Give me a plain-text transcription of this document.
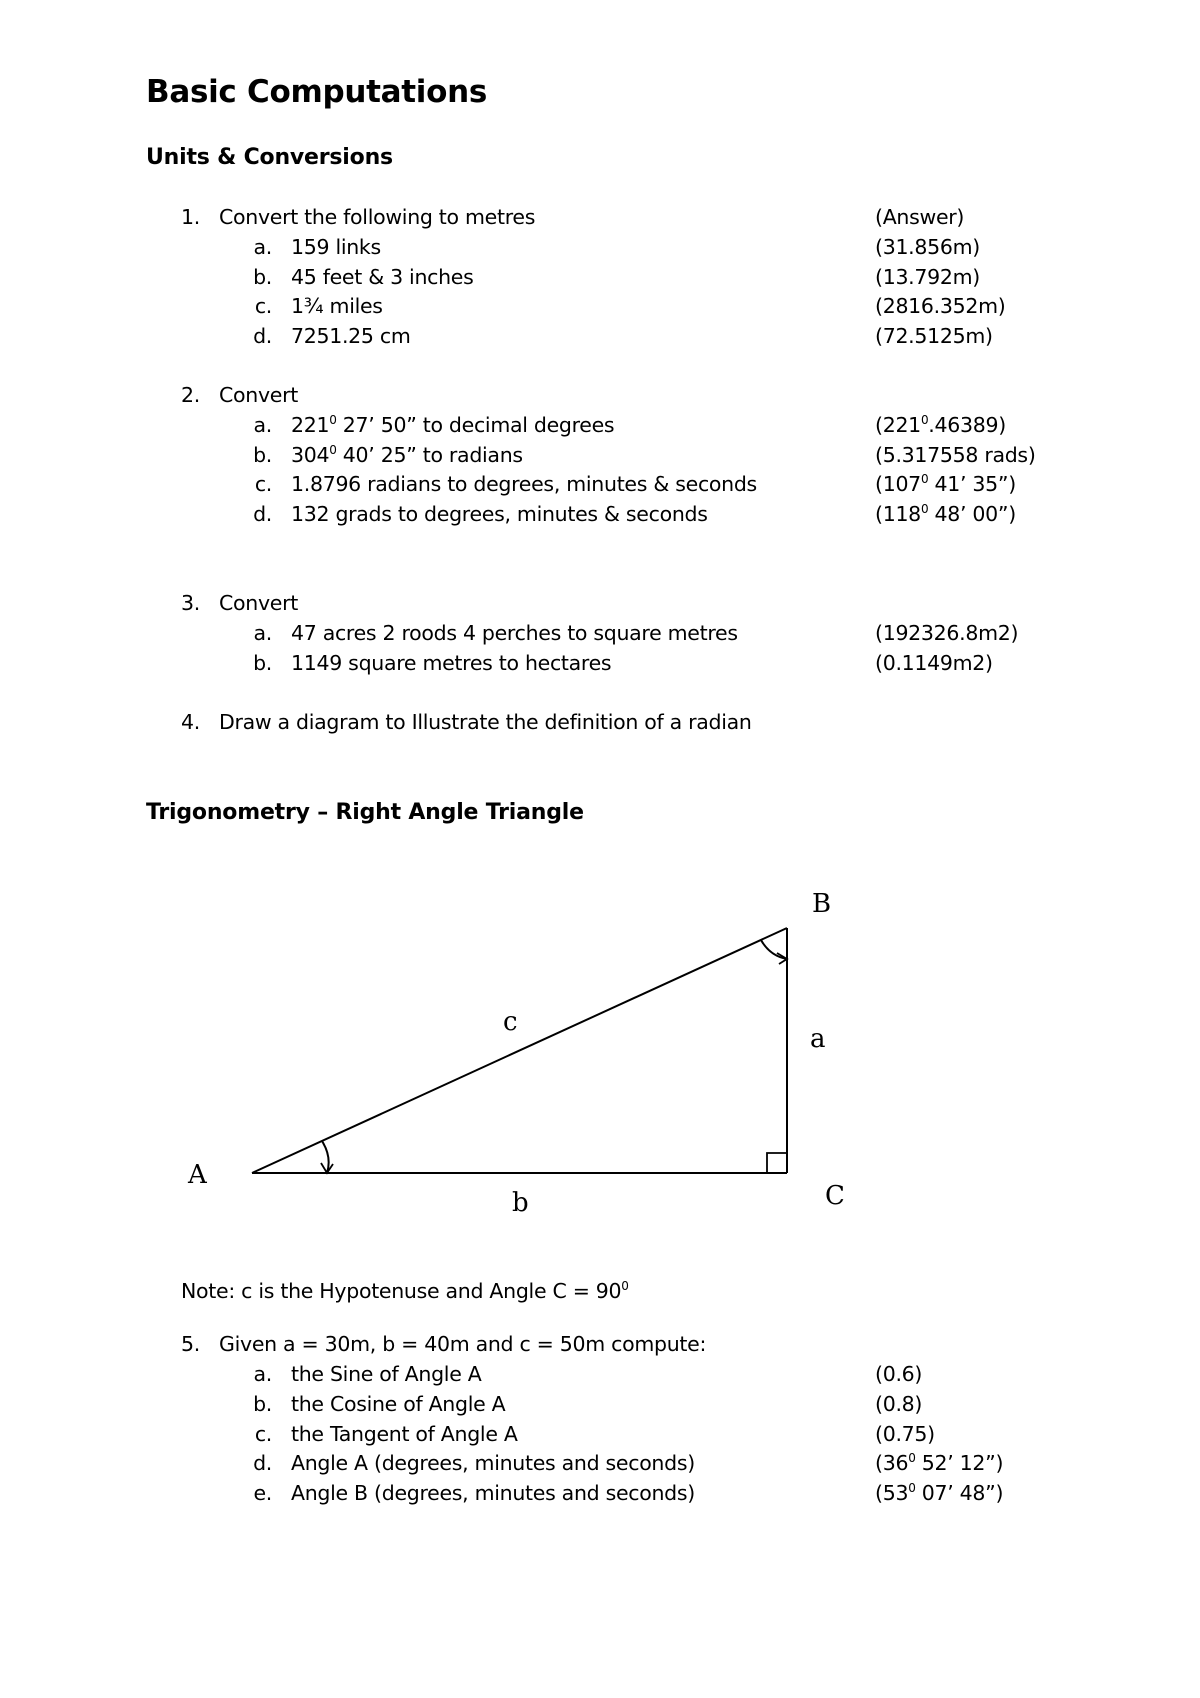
Basic Computations
Units & Conversions
1. Convert the following to metres	(Answer)
a. 159 links	(31.856m)
b. 45 feet & 3 inches	(13.792m)
c. 1¾ miles	(2816.352m)
d. 7251.25 cm	(72.5125m)
2. Convert
a. $221^0$ 27’ 50” to decimal degrees	$(221^0.46389)$
b. $304^0$ 40’ 25” to radians	(5.317558 rads)
c. 1.8796 radians to degrees, minutes & seconds	($107^0$ 41’ 35”)
d. 132 grads to degrees, minutes & seconds	($118^0$ 48’ 00”)
3. Convert
a. 47 acres 2 roods 4 perches to square metres	(192326.8m2)
b. 1149 square metres to hectares	(0.1149m2)
4. Draw a diagram to Illustrate the definition of a radian
Trigonometry – Right Angle Triangle
A
B
C
a
b
c
Note: c is the Hypotenuse and Angle $C = 90^0$
5. Given a = 30m, b = 40m and c = 50m compute:
a. the Sine of Angle A	(0.6)
b. the Cosine of Angle A	(0.8)
c. the Tangent of Angle A	(0.75)
d. Angle A (degrees, minutes and seconds)	($36^0$ 52’ 12”)
e. Angle B (degrees, minutes and seconds)	($53^0$ 07’ 48”)
